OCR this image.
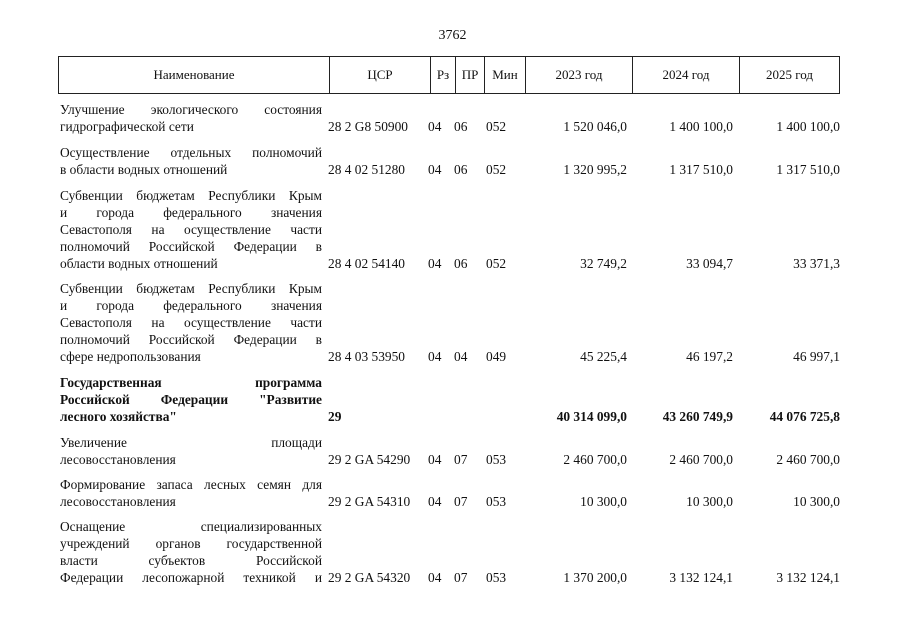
3762
Наименование	ЦСР	Рз ПР	Мин	2023 год	2024 год	2025 год
Улучшение экологического состояния
гидрографической сети	28 2 G8 50900 04 06 052	1 520 046,0	1 400 100,0	1 400 100,0
Осуществление отдельных полномочий
в области водных отношений	28 4 02 51280 04 06 052	1 320 995,2	1 317 510,0	1 317 510,0
Субвенции бюджетам Республики Крым
и города федерального значения
Севастополя на осуществление части
полномочий Российской Федерации в
области водных отношений	28 4 02 54140 04 06 052	32 749,2	33 094,7	33 371,3
Субвенции бюджетам Республики Крым
и города федерального значения
Севастополя на осуществление части
полномочий Российской Федерации в
сфере недропользования	28 4 03 53950 04 04 049	45 225,4	46 197,2	46 997,1
Государственная программа
Российской Федерации "Развитие
лесного хозяйства"	29	40 314 099,0	43 260 749,9	44 076 725,8
Увеличение площади
лесовосстановления	29 2 GA 54290 04 07 053	2 460 700,0	2 460 700,0	2 460 700,0
Формирование запаса лесных семян для
лесовосстановления	29 2 GA 54310 04 07 053	10 300,0	10 300,0	10 300,0
Оснащение специализированных
учреждений органов государственной
власти субъектов Российской
Федерации лесопожарной техникой и 29 2 GA 54320 04 07 053	1 370 200,0	3 132 124,1	3 132 124,1
